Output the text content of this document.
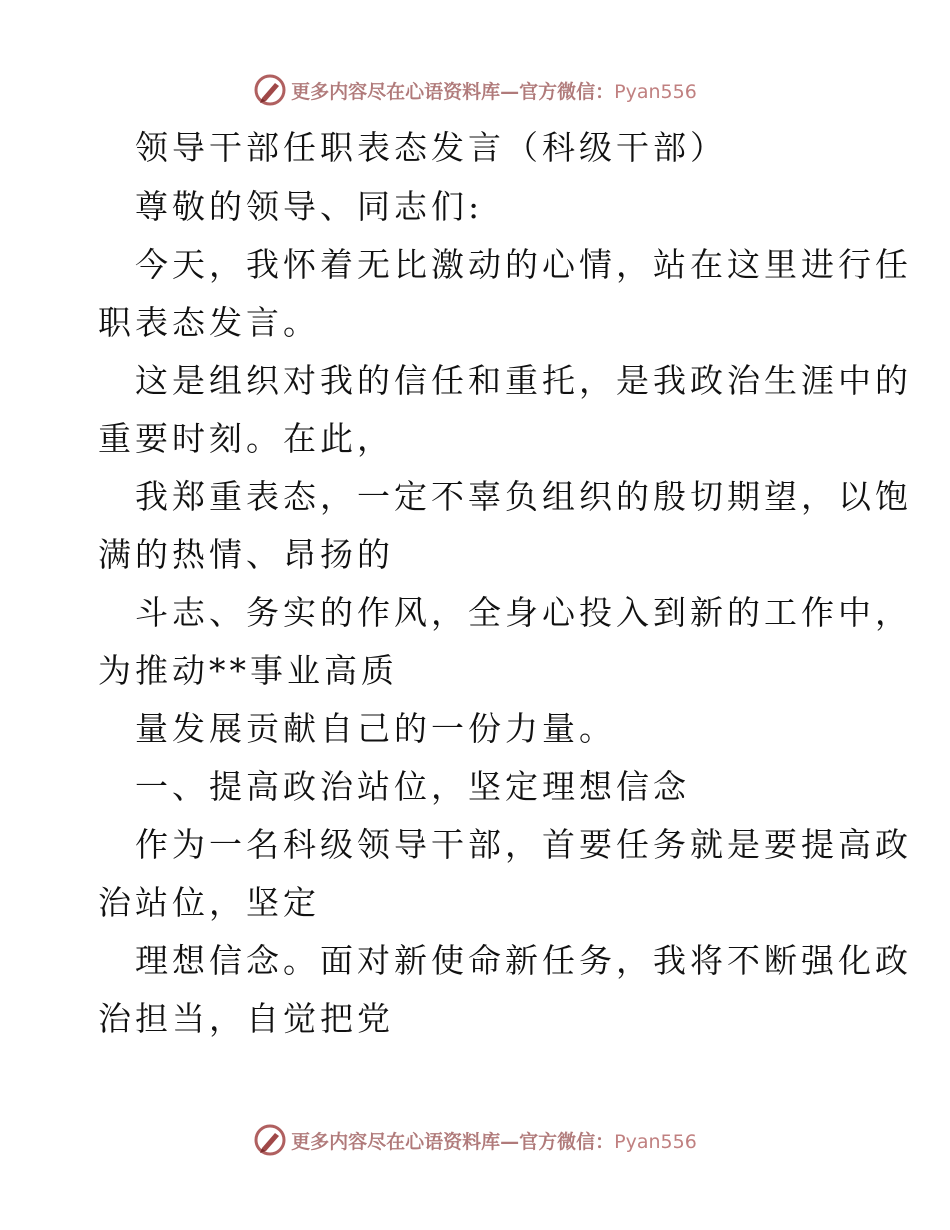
更多内容尽在心语资料库—官方微信：Pyan556
领导干部任职表态发言（科级干部）
尊敬的领导、同志们:
今天，我怀着无比激动的心情，站在这里进行任
职表态发言。
这是组织对我的信任和重托，是我政治生涯中的
重要时刻。在此，
我郑重表态，一定不辜负组织的殷切期望，以饱
满的热情、昂扬的
斗志、务实的作风，全身心投入到新的工作中，
为推动**事业高质
量发展贡献自己的一份力量。
一、提高政治站位，坚定理想信念
作为一名科级领导干部，首要任务就是要提高政
治站位，坚定
理想信念。面对新使命新任务，我将不断强化政
治担当，自觉把党
更多内容尽在心语资料库—官方微信：Pyan556
